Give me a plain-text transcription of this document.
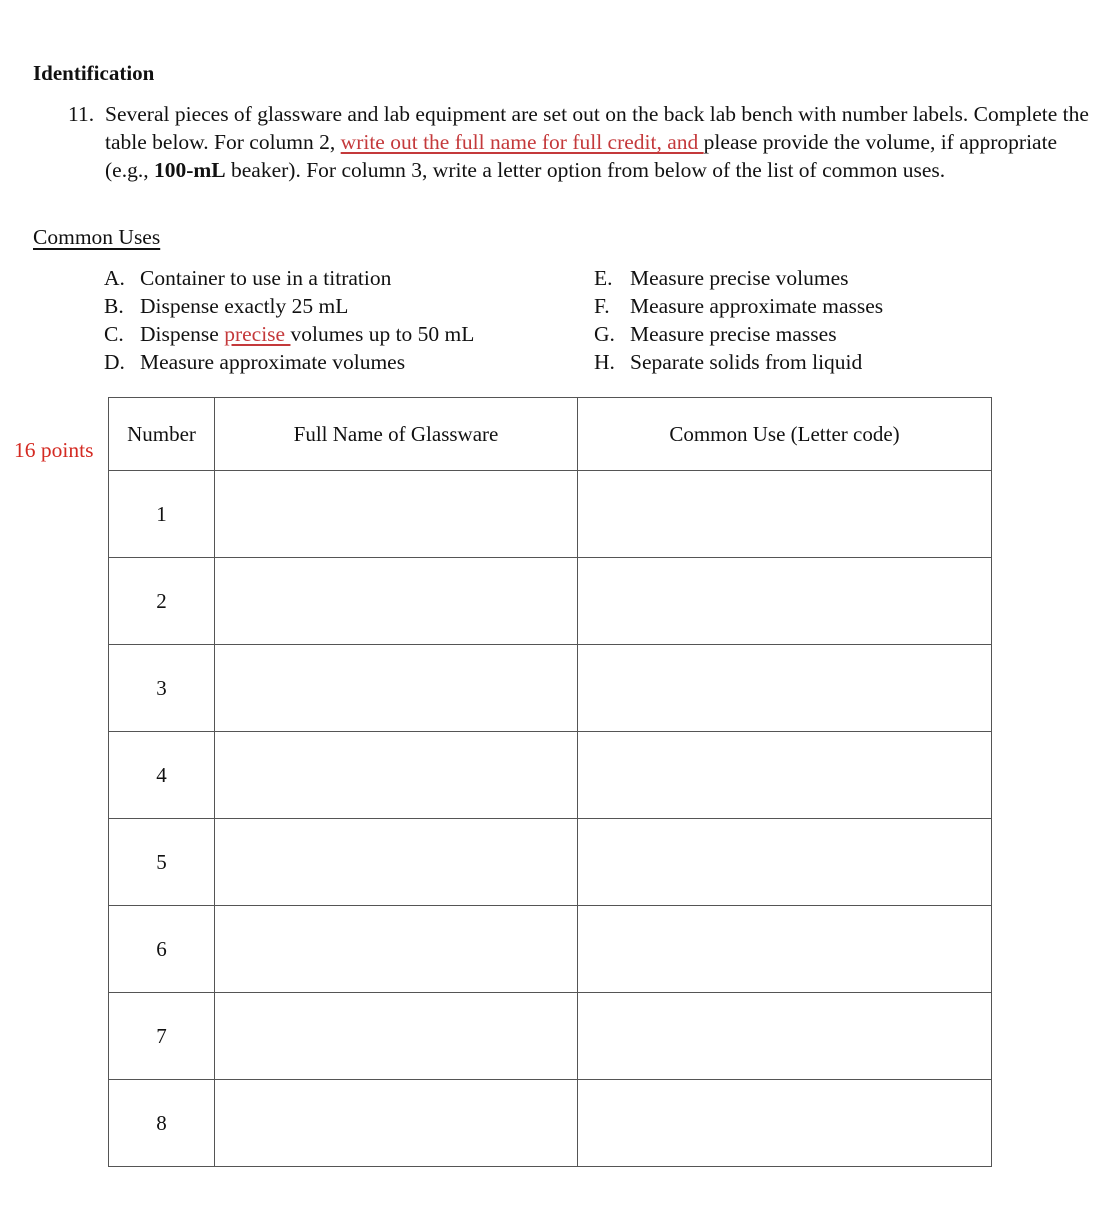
Identification
11. Several pieces of glassware and lab equipment are set out on the back lab bench with number labels. Complete the table below. For column 2, write out the full name for full credit, and please provide the volume, if appropriate (e.g., 100-mL beaker). For column 3, write a letter option from below of the list of common uses.
Common Uses
A. Container to use in a titration
B. Dispense exactly 25 mL
C. Dispense precise volumes up to 50 mL
D. Measure approximate volumes
E. Measure precise volumes
F. Measure approximate masses
G. Measure precise masses
H. Separate solids from liquid
16 points
Number	Full Name of Glassware	Common Use (Letter code)
1		
2		
3		
4		
5		
6		
7		
8		
